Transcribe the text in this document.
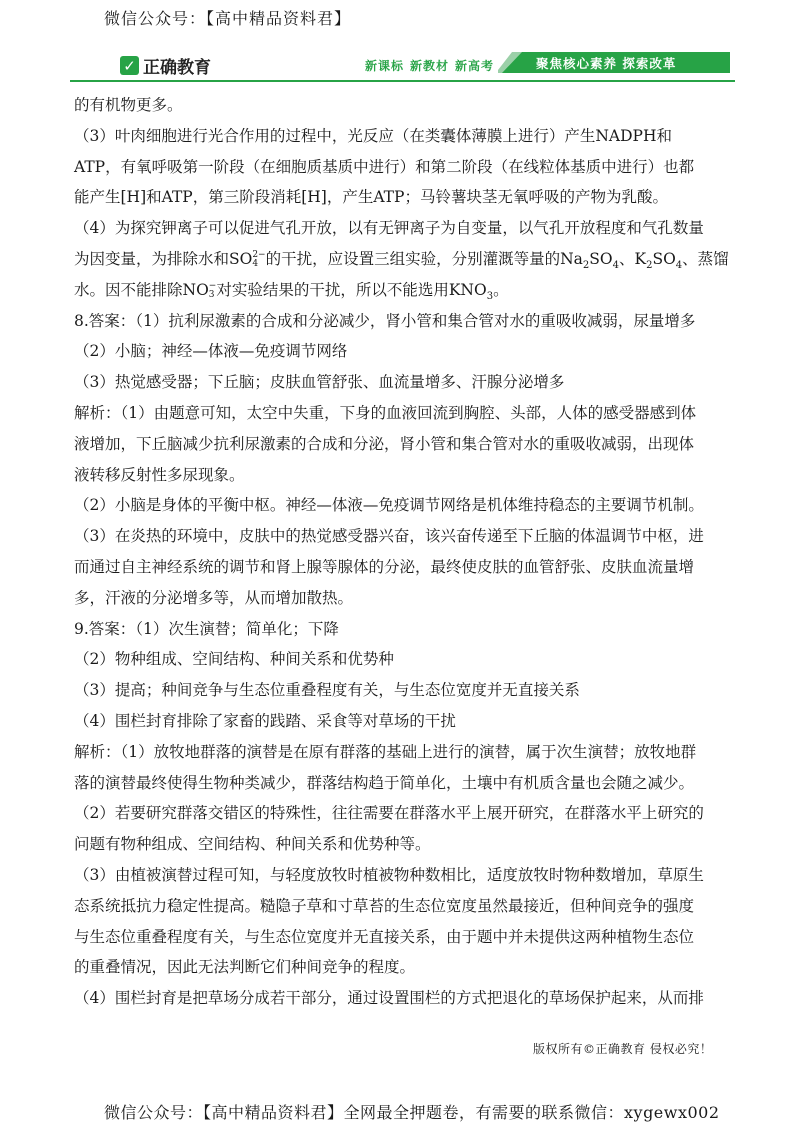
微信公众号：【高中精品资料君】
✓ 正确教育	新课标 新教材 新高考	聚焦核心素养 探索改革
的有机物更多。
（3）叶肉细胞进行光合作用的过程中，光反应（在类囊体薄膜上进行）产生NADPH和
ATP，有氧呼吸第一阶段（在细胞质基质中进行）和第二阶段（在线粒体基质中进行）也都
能产生[H]和ATP，第三阶段消耗[H]，产生ATP；马铃薯块茎无氧呼吸的产物为乳酸。
（4）为探究钾离子可以促进气孔开放，以有无钾离子为自变量，以气孔开放程度和气孔数量
为因变量，为排除水和SO 2−
4 的干扰，应设置三组实验，分别灌溉等量的$Na_2SO_4$、$K_2SO_4$、蒸馏
水。因不能排除NO −
3 对实验结果的干扰，所以不能选用$KNO_3$。
8.答案：（1）抗利尿激素的合成和分泌减少，肾小管和集合管对水的重吸收减弱，尿量增多
（2）小脑；神经—体液—免疫调节网络
（3）热觉感受器；下丘脑；皮肤血管舒张、血流量增多、汗腺分泌增多
解析：（1）由题意可知，太空中失重，下身的血液回流到胸腔、头部，人体的感受器感到体
液增加，下丘脑减少抗利尿激素的合成和分泌，肾小管和集合管对水的重吸收减弱，出现体
液转移反射性多尿现象。
（2）小脑是身体的平衡中枢。神经—体液—免疫调节网络是机体维持稳态的主要调节机制。
（3）在炎热的环境中，皮肤中的热觉感受器兴奋，该兴奋传递至下丘脑的体温调节中枢，进
而通过自主神经系统的调节和肾上腺等腺体的分泌，最终使皮肤的血管舒张、皮肤血流量增
多，汗液的分泌增多等，从而增加散热。
9.答案：（1）次生演替；简单化；下降
（2）物种组成、空间结构、种间关系和优势种
（3）提高；种间竞争与生态位重叠程度有关，与生态位宽度并无直接关系
（4）围栏封育排除了家畜的践踏、采食等对草场的干扰
解析：（1）放牧地群落的演替是在原有群落的基础上进行的演替，属于次生演替；放牧地群
落的演替最终使得生物种类减少，群落结构趋于简单化，土壤中有机质含量也会随之减少。
（2）若要研究群落交错区的特殊性，往往需要在群落水平上展开研究，在群落水平上研究的
问题有物种组成、空间结构、种间关系和优势种等。
（3）由植被演替过程可知，与轻度放牧时植被物种数相比，适度放牧时物种数增加，草原生
态系统抵抗力稳定性提高。糙隐子草和寸草苔的生态位宽度虽然最接近，但种间竞争的强度
与生态位重叠程度有关，与生态位宽度并无直接关系，由于题中并未提供这两种植物生态位
的重叠情况，因此无法判断它们种间竞争的程度。
（4）围栏封育是把草场分成若干部分，通过设置围栏的方式把退化的草场保护起来，从而排
版权所有©正确教育 侵权必究！
微信公众号：【高中精品资料君】全网最全押题卷，有需要的联系微信：xygewx002
